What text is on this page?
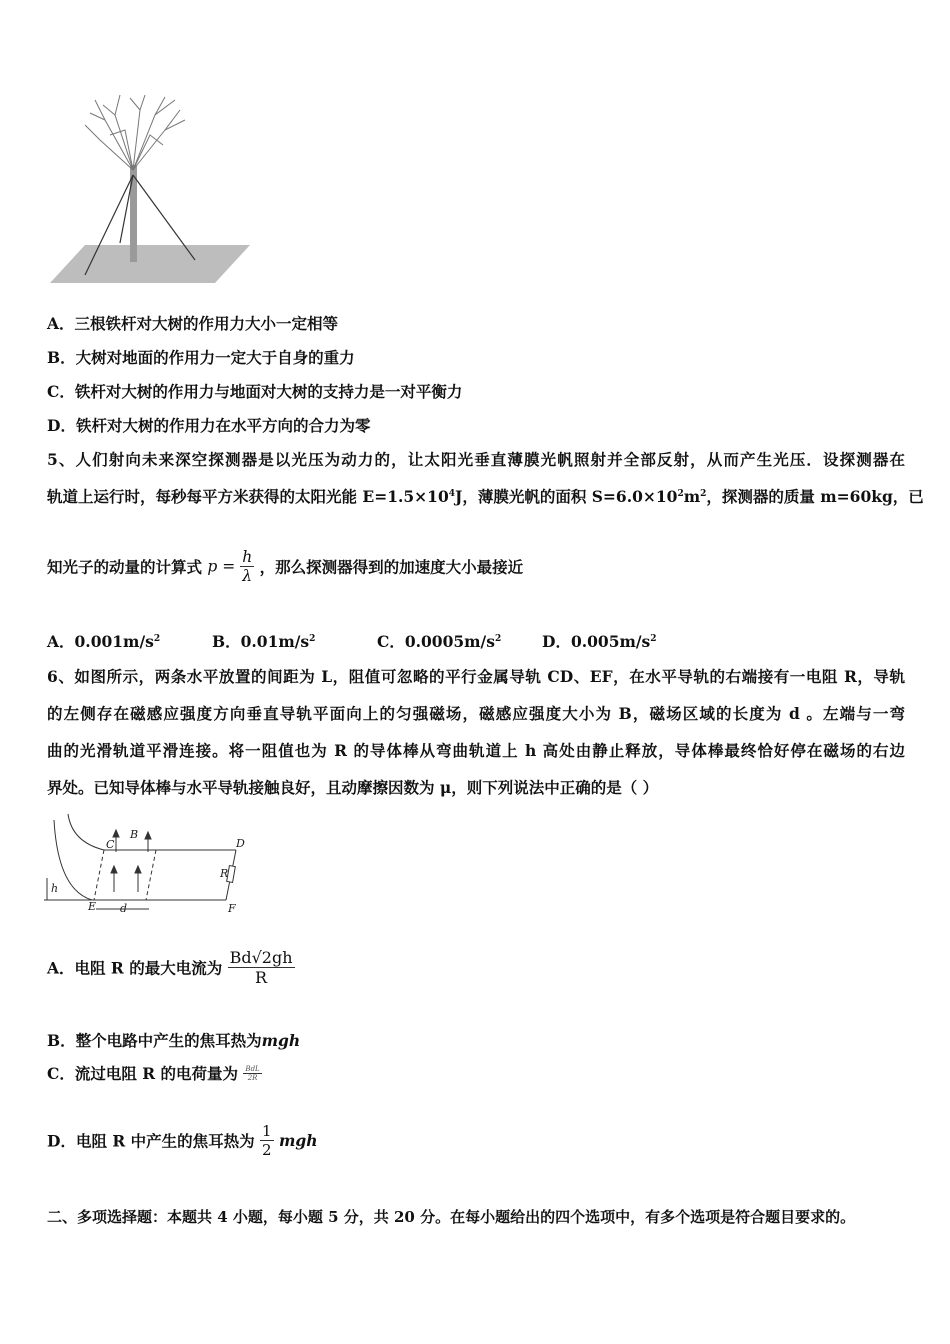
A．三根铁杆对大树的作用力大小一定相等
B．大树对地面的作用力一定大于自身的重力
C．铁杆对大树的作用力与地面对大树的支持力是一对平衡力
D．铁杆对大树的作用力在水平方向的合力为零
5、人们射向未来深空探测器是以光压为动力的，让太阳光垂直薄膜光帆照射并全部反射，从而产生光压．设探测器在
轨道上运行时，每秒每平方米获得的太阳光能 $E=1.5\times 10^4J$，薄膜光帆的面积 $S=6.0\times 10^2m^2$，探测器的质量 m=60kg，已
知光子的动量的计算式 $p = \frac{h}{\lambda}$ ，那么探测器得到的加速度大小最接近
A．$0.001m/s^2$	B．$0.01m/s^2$	C．$0.0005m/s^2$	D．$0.005m/s^2$
6、如图所示，两条水平放置的间距为 L，阻值可忽略的平行金属导轨 CD、EF，在水平导轨的右端接有一电阻 R，导轨
的左侧存在磁感应强度方向垂直导轨平面向上的匀强磁场，磁感应强度大小为 B，磁场区域的长度为 d 。左端与一弯
曲的光滑轨道平滑连接。将一阻值也为 R 的导体棒从弯曲轨道上 h 高处由静止释放，导体棒最终恰好停在磁场的右边
界处。已知导体棒与水平导轨接触良好，且动摩擦因数为 μ，则下列说法中正确的是（ ）
C
B
D
R
E	F
h
d
A．电阻 R 的最大电流为 $\frac{Bd√2gh}{R}$
B．整个电路中产生的焦耳热为mgh
C．流过电阻 R 的电荷量为 $\frac{\text{BdL}}{2R}$
D．电阻 R 中产生的焦耳热为 $\frac{1}{2}$ mgh
二、多项选择题：本题共 4 小题，每小题 5 分，共 20 分。在每小题给出的四个选项中，有多个选项是符合题目要求的。
